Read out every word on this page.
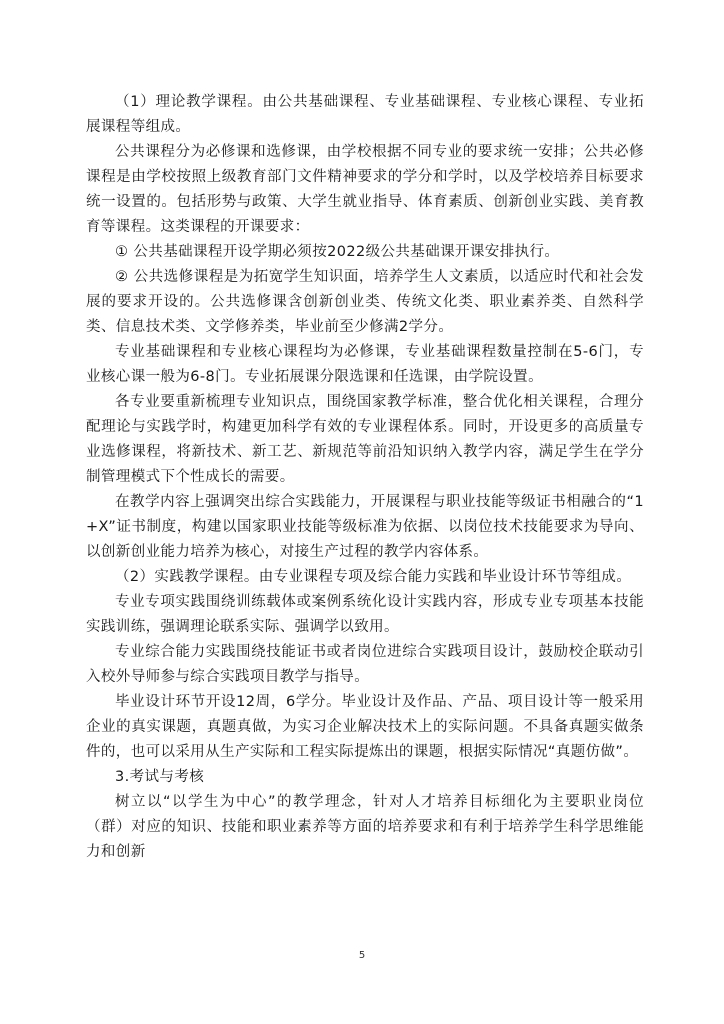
（1）理论教学课程。由公共基础课程、专业基础课程、专业核心课程、专业拓展课程等组成。

公共课程分为必修课和选修课，由学校根据不同专业的要求统一安排；公共必修课程是由学校按照上级教育部门文件精神要求的学分和学时，以及学校培养目标要求统一设置的。包括形势与政策、大学生就业指导、体育素质、创新创业实践、美育教育等课程。这类课程的开课要求：

① 公共基础课程开设学期必须按2022级公共基础课开课安排执行。

② 公共选修课程是为拓宽学生知识面，培养学生人文素质，以适应时代和社会发展的要求开设的。公共选修课含创新创业类、传统文化类、职业素养类、自然科学类、信息技术类、文学修养类，毕业前至少修满2学分。

专业基础课程和专业核心课程均为必修课，专业基础课程数量控制在5-6门，专业核心课一般为6-8门。专业拓展课分限选课和任选课，由学院设置。

各专业要重新梳理专业知识点，围绕国家教学标准，整合优化相关课程，合理分配理论与实践学时，构建更加科学有效的专业课程体系。同时，开设更多的高质量专业选修课程，将新技术、新工艺、新规范等前沿知识纳入教学内容，满足学生在学分制管理模式下个性成长的需要。

在教学内容上强调突出综合实践能力，开展课程与职业技能等级证书相融合的“1+X”证书制度，构建以国家职业技能等级标准为依据、以岗位技术技能要求为导向、以创新创业能力培养为核心，对接生产过程的教学内容体系。

（2）实践教学课程。由专业课程专项及综合能力实践和毕业设计环节等组成。

专业专项实践围绕训练载体或案例系统化设计实践内容，形成专业专项基本技能实践训练，强调理论联系实际、强调学以致用。

专业综合能力实践围绕技能证书或者岗位进综合实践项目设计，鼓励校企联动引入校外导师参与综合实践项目教学与指导。

毕业设计环节开设12周，6学分。毕业设计及作品、产品、项目设计等一般采用企业的真实课题，真题真做，为实习企业解决技术上的实际问题。不具备真题实做条件的，也可以采用从生产实际和工程实际提炼出的课题，根据实际情况“真题仿做”。

3.考试与考核

树立以“以学生为中心”的教学理念，针对人才培养目标细化为主要职业岗位（群）对应的知识、技能和职业素养等方面的培养要求和有利于培养学生科学思维能力和创新

5
